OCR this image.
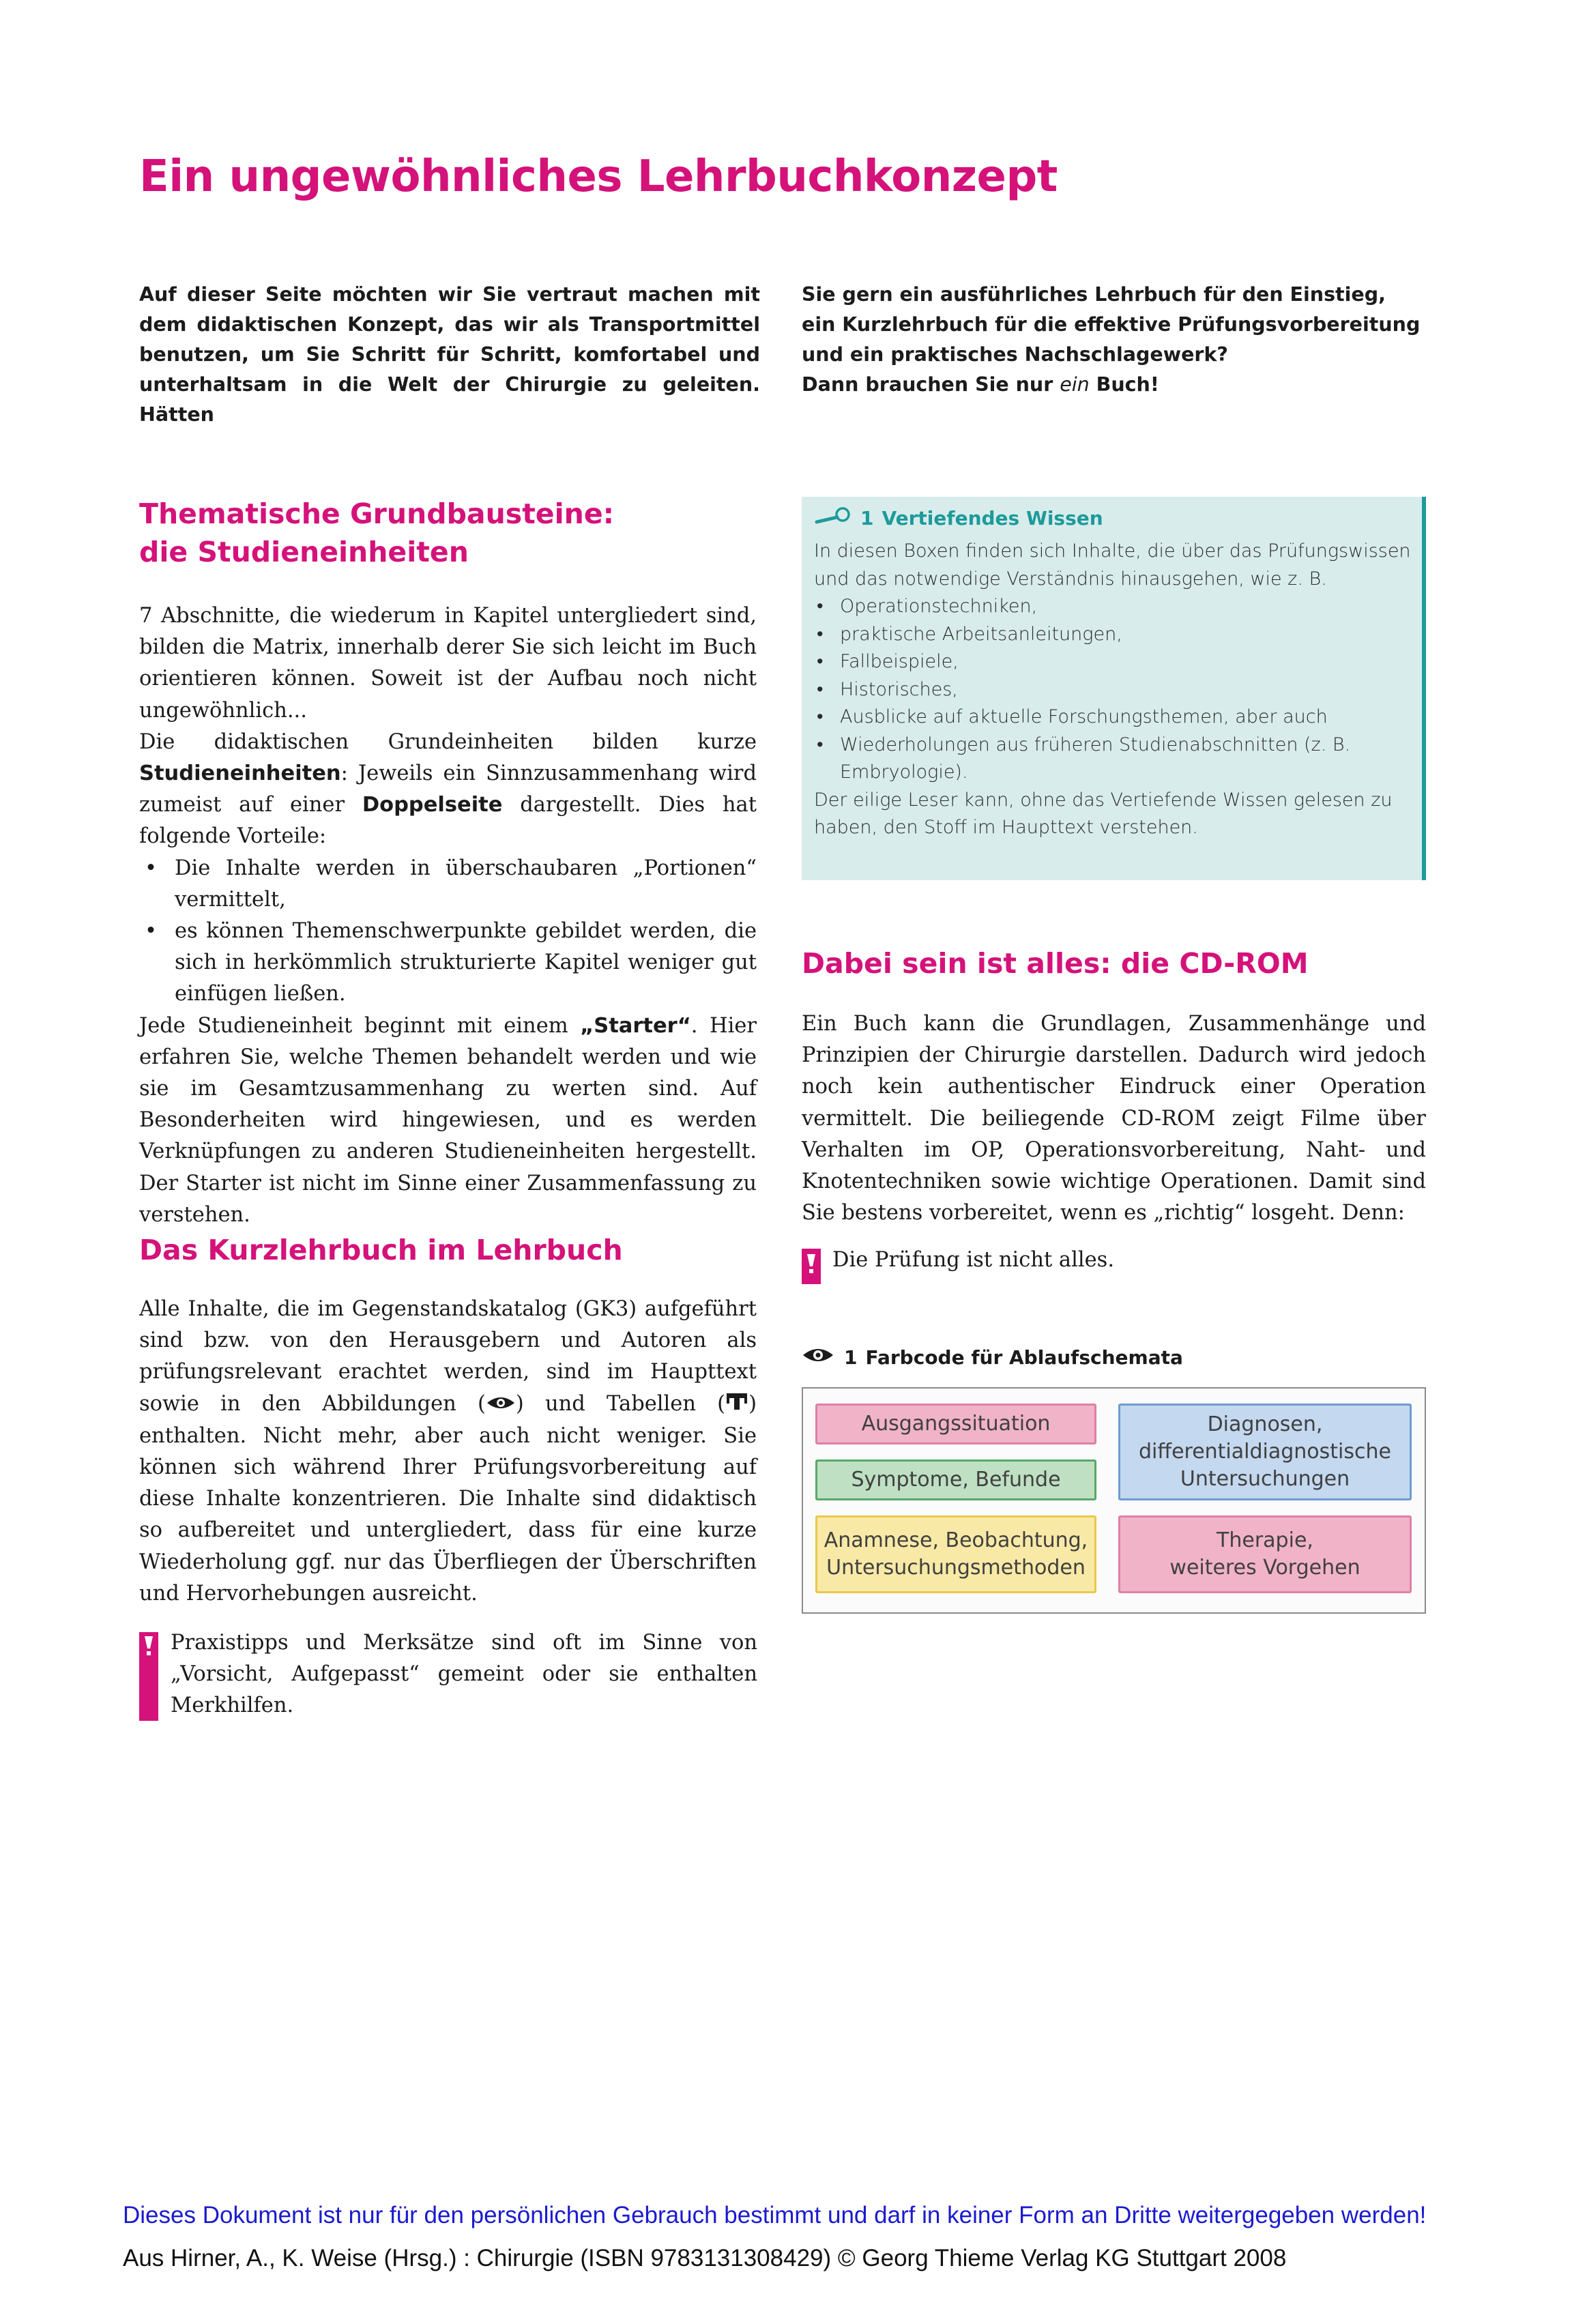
Ein ungewöhnliches Lehrbuchkonzept
Auf dieser Seite möchten wir Sie vertraut machen mit dem didaktischen Konzept, das wir als Transportmittel benutzen, um Sie Schritt für Schritt, komfortabel und unterhaltsam in die Welt der Chirurgie zu geleiten. Hätten
Sie gern ein ausführliches Lehrbuch für den Einstieg, ein Kurzlehrbuch für die effektive Prüfungsvorbereitung und ein praktisches Nachschlagewerk?
Dann brauchen Sie nur ein Buch!
Thematische Grundbausteine:
die Studieneinheiten

7 Abschnitte, die wiederum in Kapitel untergliedert sind, bilden die Matrix, innerhalb derer Sie sich leicht im Buch orientieren können. Soweit ist der Aufbau noch nicht ungewöhnlich...

Die didaktischen Grundeinheiten bilden kurze Studieneinheiten: Jeweils ein Sinnzusammenhang wird zumeist auf einer Doppelseite dargestellt. Dies hat folgende Vorteile:

• Die Inhalte werden in überschaubaren „Portionen“ vermittelt,
• es können Themenschwerpunkte gebildet werden, die sich in herkömmlich strukturierte Kapitel weniger gut einfügen ließen.

Jede Studieneinheit beginnt mit einem „Starter“. Hier erfahren Sie, welche Themen behandelt werden und wie sie im Gesamtzusammenhang zu werten sind. Auf Besonderheiten wird hingewiesen, und es werden Verknüpfungen zu anderen Studieneinheiten hergestellt. Der Starter ist nicht im Sinne einer Zusammenfassung zu verstehen.

Das Kurzlehrbuch im Lehrbuch

Alle Inhalte, die im Gegenstandskatalog (GK3) aufgeführt sind bzw. von den Herausgebern und Autoren als prüfungsrelevant erachtet werden, sind im Haupttext sowie in den Abbildungen ( ) und Tabellen ( ) enthalten. Nicht mehr, aber auch nicht weniger. Sie können sich während Ihrer Prüfungsvorbereitung auf diese Inhalte konzentrieren. Die Inhalte sind didaktisch so aufbereitet und untergliedert, dass für eine kurze Wiederholung ggf. nur das Überfliegen der Überschriften und Hervorhebungen ausreicht.

Praxistipps und Merksätze sind oft im Sinne von „Vorsicht, Aufgepasst“ gemeint oder sie enthalten Merkhilfen.
1 Vertiefendes Wissen
In diesen Boxen finden sich Inhalte, die über das Prüfungswissen und das notwendige Verständnis hinausgehen, wie z. B.
• Operationstechniken,
• praktische Arbeitsanleitungen,
• Fallbeispiele,
• Historisches,
• Ausblicke auf aktuelle Forschungsthemen, aber auch
• Wiederholungen aus früheren Studienabschnitten (z. B. Embryologie).
Der eilige Leser kann, ohne das Vertiefende Wissen gelesen zu haben, den Stoff im Haupttext verstehen.
Dabei sein ist alles: die CD-ROM
Ein Buch kann die Grundlagen, Zusammenhänge und Prinzipien der Chirurgie darstellen. Dadurch wird jedoch noch kein authentischer Eindruck einer Operation vermittelt. Die beiliegende CD-ROM zeigt Filme über Verhalten im OP, Operationsvorbereitung, Naht- und Knotentechniken sowie wichtige Operationen. Damit sind Sie bestens vorbereitet, wenn es „richtig“ losgeht. Denn:
Die Prüfung ist nicht alles.
1 Farbcode für Ablaufschemata
Ausgangssituation
Symptome, Befunde
Anamnese, Beobachtung,
Untersuchungsmethoden
Diagnosen,
differentialdiagnostische
Untersuchungen
Therapie,
weiteres Vorgehen
Dieses Dokument ist nur für den persönlichen Gebrauch bestimmt und darf in keiner Form an Dritte weitergegeben werden!
Aus Hirner, A., K. Weise (Hrsg.) : Chirurgie (ISBN 9783131308429) © Georg Thieme Verlag KG Stuttgart 2008
